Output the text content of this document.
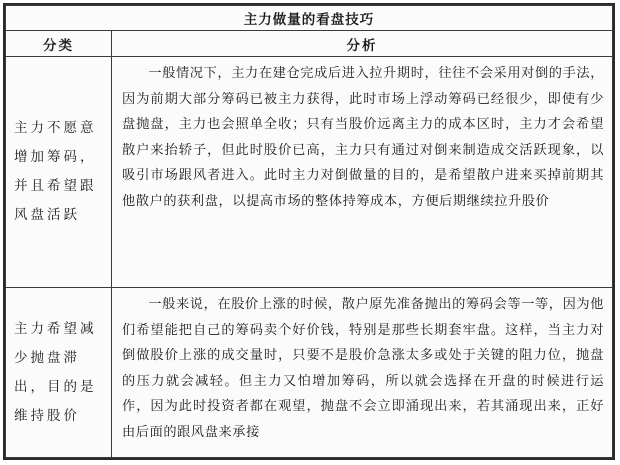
主力做量的看盘技巧	
分类	分析
主力不愿意增加筹码，并且希望跟风盘活跃	一般情况下，主力在建仓完成后进入拉升期时，往往不会采用对倒的手法，因为前期大部分筹码已被主力获得，此时市场上浮动筹码已经很少，即使有少盘抛盘，主力也会照单全收；只有当股价远离主力的成本区时，主力才会希望散户来抬轿子，但此时股价已高，主力只有通过对倒来制造成交活跃现象，以吸引市场跟风者进入。此时主力对倒做量的目的，是希望散户进来买掉前期其他散户的获利盘，以提高市场的整体持筹成本，方便后期继续拉升股价
主力希望减少抛盘滞出，目的是维持股价	一般来说，在股价上涨的时候，散户原先准备抛出的筹码会等一等，因为他们希望能把自己的筹码卖个好价钱，特别是那些长期套牢盘。这样，当主力对倒做股价上涨的成交量时，只要不是股价急涨太多或处于关键的阻力位，抛盘的压力就会减轻。但主力又怕增加筹码，所以就会选择在开盘的时候进行运作，因为此时投资者都在观望，抛盘不会立即涌现出来，若其涌现出来，正好由后面的跟风盘来承接
